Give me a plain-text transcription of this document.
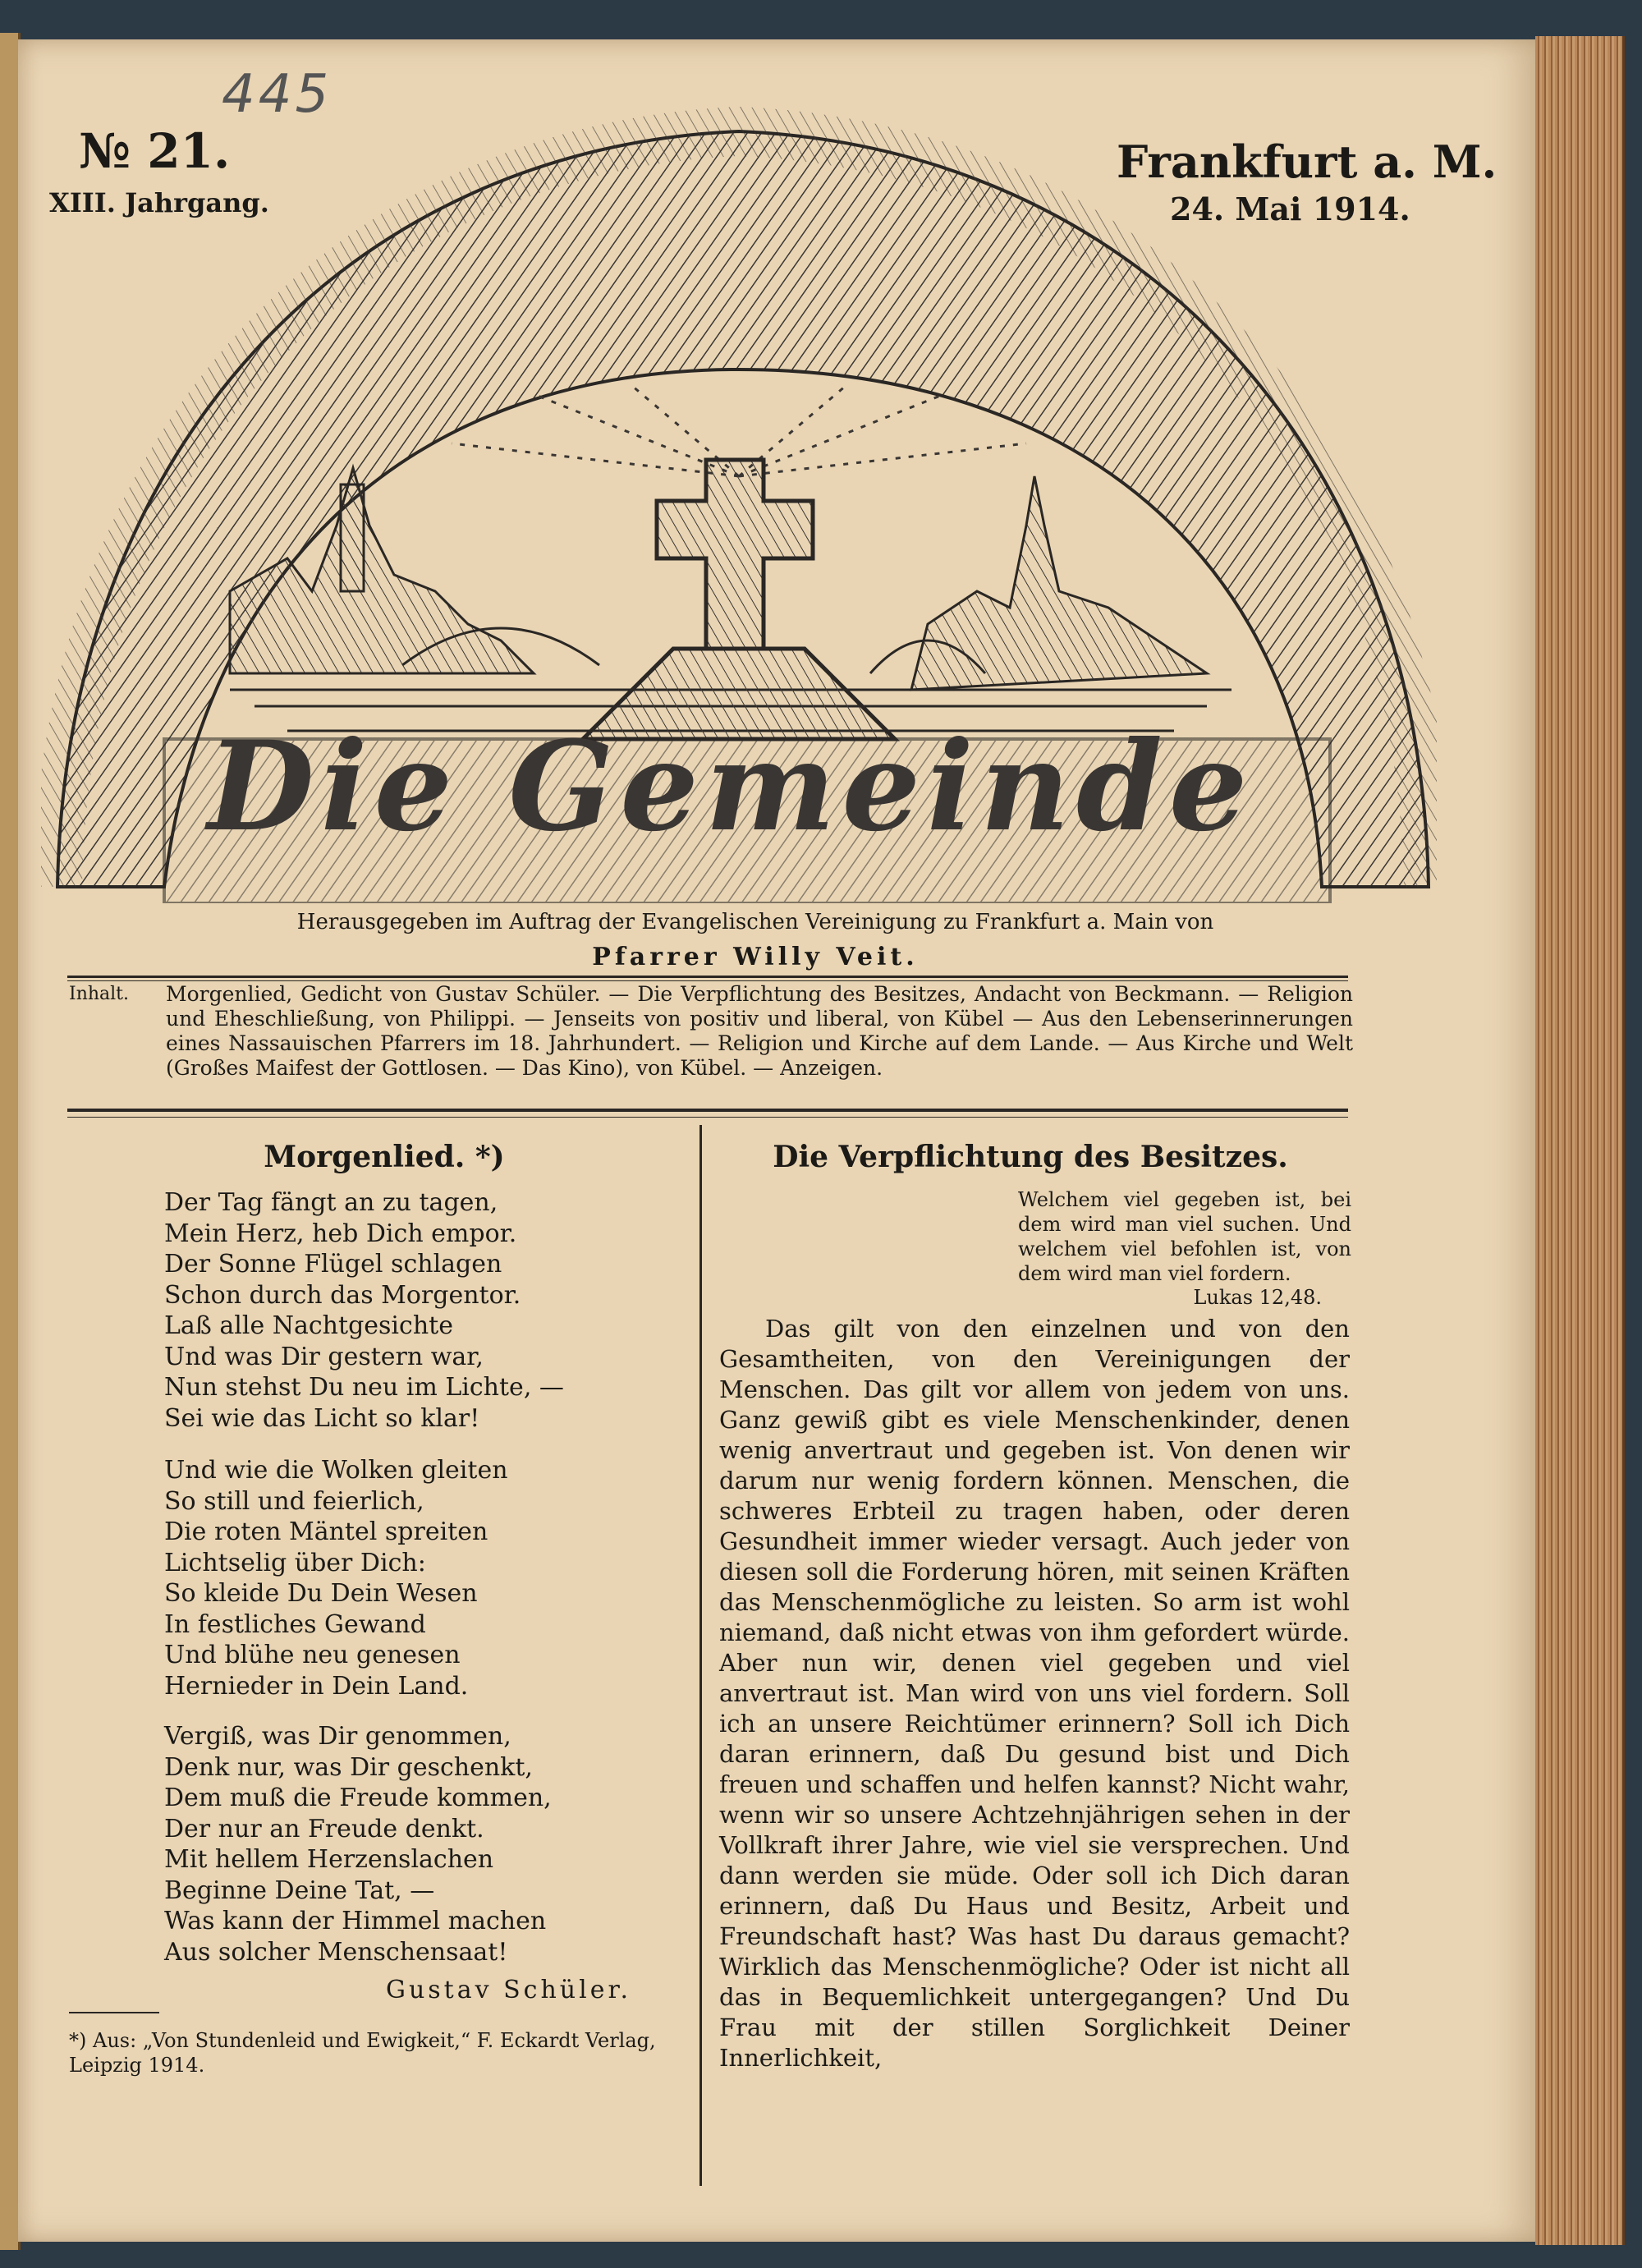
445

№ 21.

XIII. Jahrgang.

Frankfurt a. M.

24. Mai 1914.

Die Gemeinde

Herausgegeben im Auftrag der Evangelischen Vereinigung zu Frankfurt a. Main von

Pfarrer Willy Veit.

Inhalt. Morgenlied, Gedicht von Gustav Schüler. — Die Verpflichtung des Besitzes, Andacht von Beckmann. — Religion und Eheschließung, von Philippi. — Jenseits von positiv und liberal, von Kübel — Aus den Lebenserinnerungen eines Nassauischen Pfarrers im 18. Jahrhundert. — Religion und Kirche auf dem Lande. — Aus Kirche und Welt (Großes Maifest der Gottlosen. — Das Kino), von Kübel. — Anzeigen.

Morgenlied. *)

Der Tag fängt an zu tagen,
Mein Herz, heb Dich empor.
Der Sonne Flügel schlagen
Schon durch das Morgentor.
Laß alle Nachtgesichte
Und was Dir gestern war,
Nun stehst Du neu im Lichte, —
Sei wie das Licht so klar!
Und wie die Wolken gleiten
So still und feierlich,
Die roten Mäntel spreiten
Lichtselig über Dich:
So kleide Du Dein Wesen
In festliches Gewand
Und blühe neu genesen
Hernieder in Dein Land.
Vergiß, was Dir genommen,
Denk nur, was Dir geschenkt,
Dem muß die Freude kommen,
Der nur an Freude denkt.
Mit hellem Herzenslachen
Beginne Deine Tat, —
Was kann der Himmel machen
Aus solcher Menschensaat!

Gustav Schüler.

*) Aus: „Von Stundenleid und Ewigkeit,“ F. Eckardt Verlag, Leipzig 1914.

Die Verpflichtung des Besitzes.

Welchem viel gegeben ist, bei dem wird man viel suchen. Und welchem viel befohlen ist, von dem wird man viel fordern.

Lukas 12,48.

Das gilt von den einzelnen und von den Gesamtheiten, von den Vereinigungen der Menschen. Das gilt vor allem von jedem von uns. Ganz gewiß gibt es viele Menschenkinder, denen wenig anvertraut und gegeben ist. Von denen wir darum nur wenig fordern können. Menschen, die schweres Erbteil zu tragen haben, oder deren Gesundheit immer wieder versagt. Auch jeder von diesen soll die Forderung hören, mit seinen Kräften das Menschenmögliche zu leisten. So arm ist wohl niemand, daß nicht etwas von ihm gefordert würde. Aber nun wir, denen viel gegeben und viel anvertraut ist. Man wird von uns viel fordern. Soll ich an unsere Reichtümer erinnern? Soll ich Dich daran erinnern, daß Du gesund bist und Dich freuen und schaffen und helfen kannst? Nicht wahr, wenn wir so unsere Achtzehnjährigen sehen in der Vollkraft ihrer Jahre, wie viel sie versprechen. Und dann werden sie müde. Oder soll ich Dich daran erinnern, daß Du Haus und Besitz, Arbeit und Freundschaft hast? Was hast Du daraus gemacht? Wirklich das Menschenmögliche? Oder ist nicht all das in Bequemlichkeit untergegangen? Und Du Frau mit der stillen Sorglichkeit Deiner Innerlichkeit,
